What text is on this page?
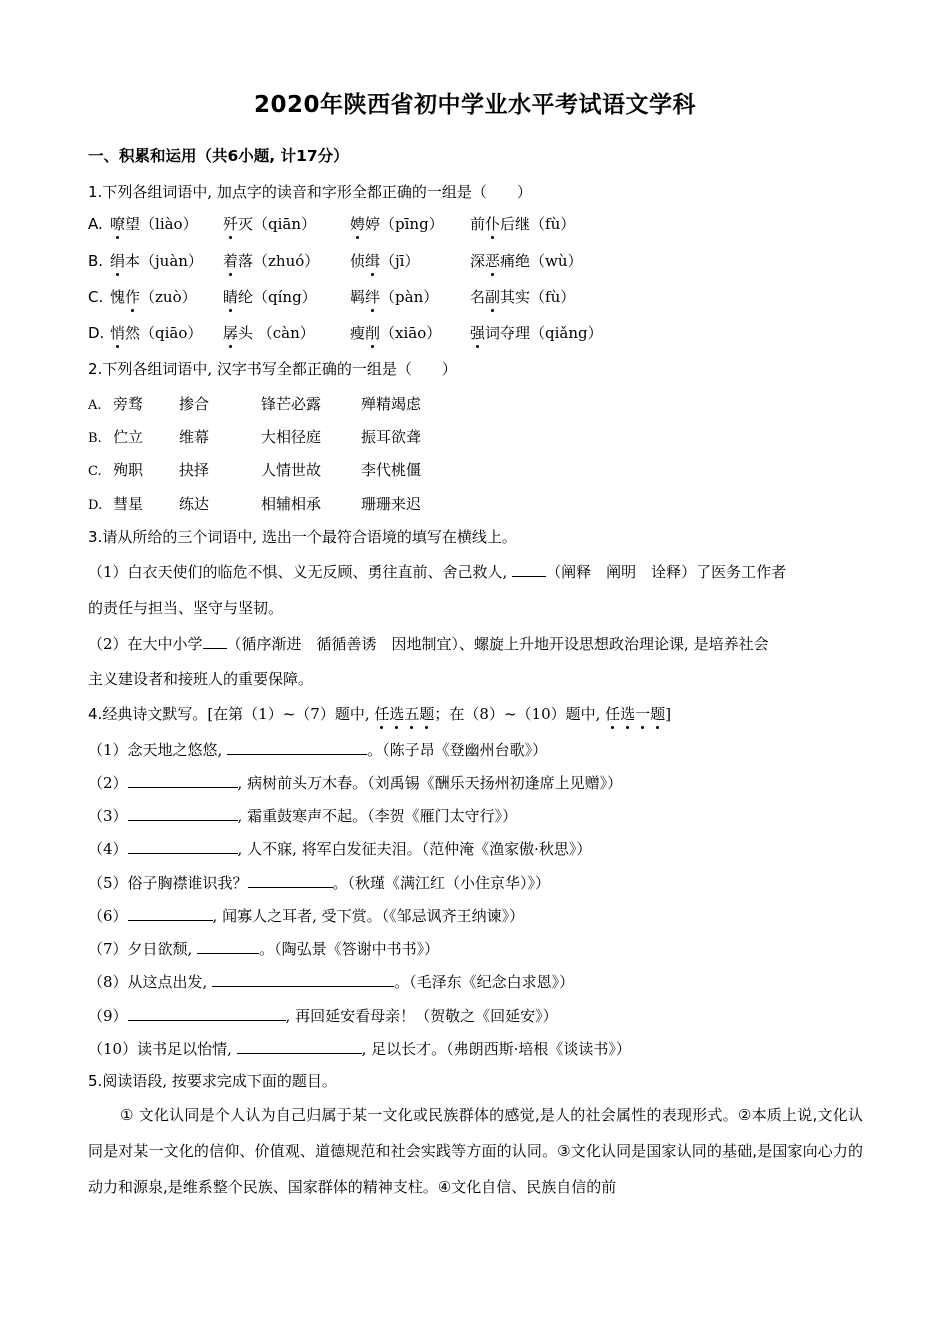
2020年陕西省初中学业水平考试语文学科
一、积累和运用（共6小题, 计17分）
1.下列各组词语中, 加点字的读音和字形全都正确的一组是（　　）
A. 嘹望（liào） 歼灭（qiān） 娉婷（pīng） 前仆后继（fù）
B. 绢本（juàn） 着落（zhuó） 侦缉（jī）	深恶痛绝（wù）
C. 愧作（zuò） 睛纶（qíng） 羁绊（pàn） 名副其实（fù）
D. 悄然（qiāo） 孱头 （càn） 瘦削（xiāo） 强词夺理（qiǎng）
2.下列各组词语中, 汉字书写全都正确的一组是（　　）
A. 旁骛 掺合	锋芒必露	殚精竭虑
B. 伫立 维幕	大相径庭	振耳欲聋
C. 殉职 抉择	人情世故	李代桃僵
D. 彗星 练达	相辅相承	珊珊来迟
3.请从所给的三个词语中, 选出一个最符合语境的填写在横线上。
（1）白衣天使们的临危不惧、义无反顾、勇往直前、舍己救人, （阐释　阐明　诠释）了医务工作者
的责任与担当、坚守与坚韧。
（2）在大中小学 （循序渐进　循循善诱　因地制宜）、螺旋上升地开设思想政治理论课, 是培养社会
主义建设者和接班人的重要保障。
4.经典诗文默写。[在第（1）~（7）题中, 任选五题；在（8）~（10）题中, 任选一题]
（1）念天地之悠悠,	。（陈子昂《登幽州台歌》）
（2）	, 病树前头万木春。（刘禹锡《酬乐天扬州初逢席上见赠》）
（3）	, 霜重鼓寒声不起。（李贺《雁门太守行》）
（4）	, 人不寐, 将军白发征夫泪。（范仲淹《渔家傲·秋思》）
（5）俗子胸襟谁识我？	。（秋瑾《满江红（小住京华）》）
（6）	, 闻寡人之耳者, 受下赏。（《邹忌讽齐王纳谏》）
（7）夕日欲颓,	。（陶弘景《答谢中书书》）
（8）从这点出发,	。（毛泽东《纪念白求恩》）
（9）	, 再回延安看母亲！（贺敬之《回延安》）
（10）读书足以怡情,	, 足以长才。（弗朗西斯·培根《谈读书》）
5.阅读语段, 按要求完成下面的题目。
① 文化认同是个人认为自己归属于某一文化或民族群体的感觉,是人的社会属性的表现形式。②本质上说,文化认同是对某一文化的信仰、价值观、道德规范和社会实践等方面的认同。③文化认同是国家认同的基础,是国家向心力的动力和源泉,是维系整个民族、国家群体的精神支柱。④文化自信、民族自信的前
